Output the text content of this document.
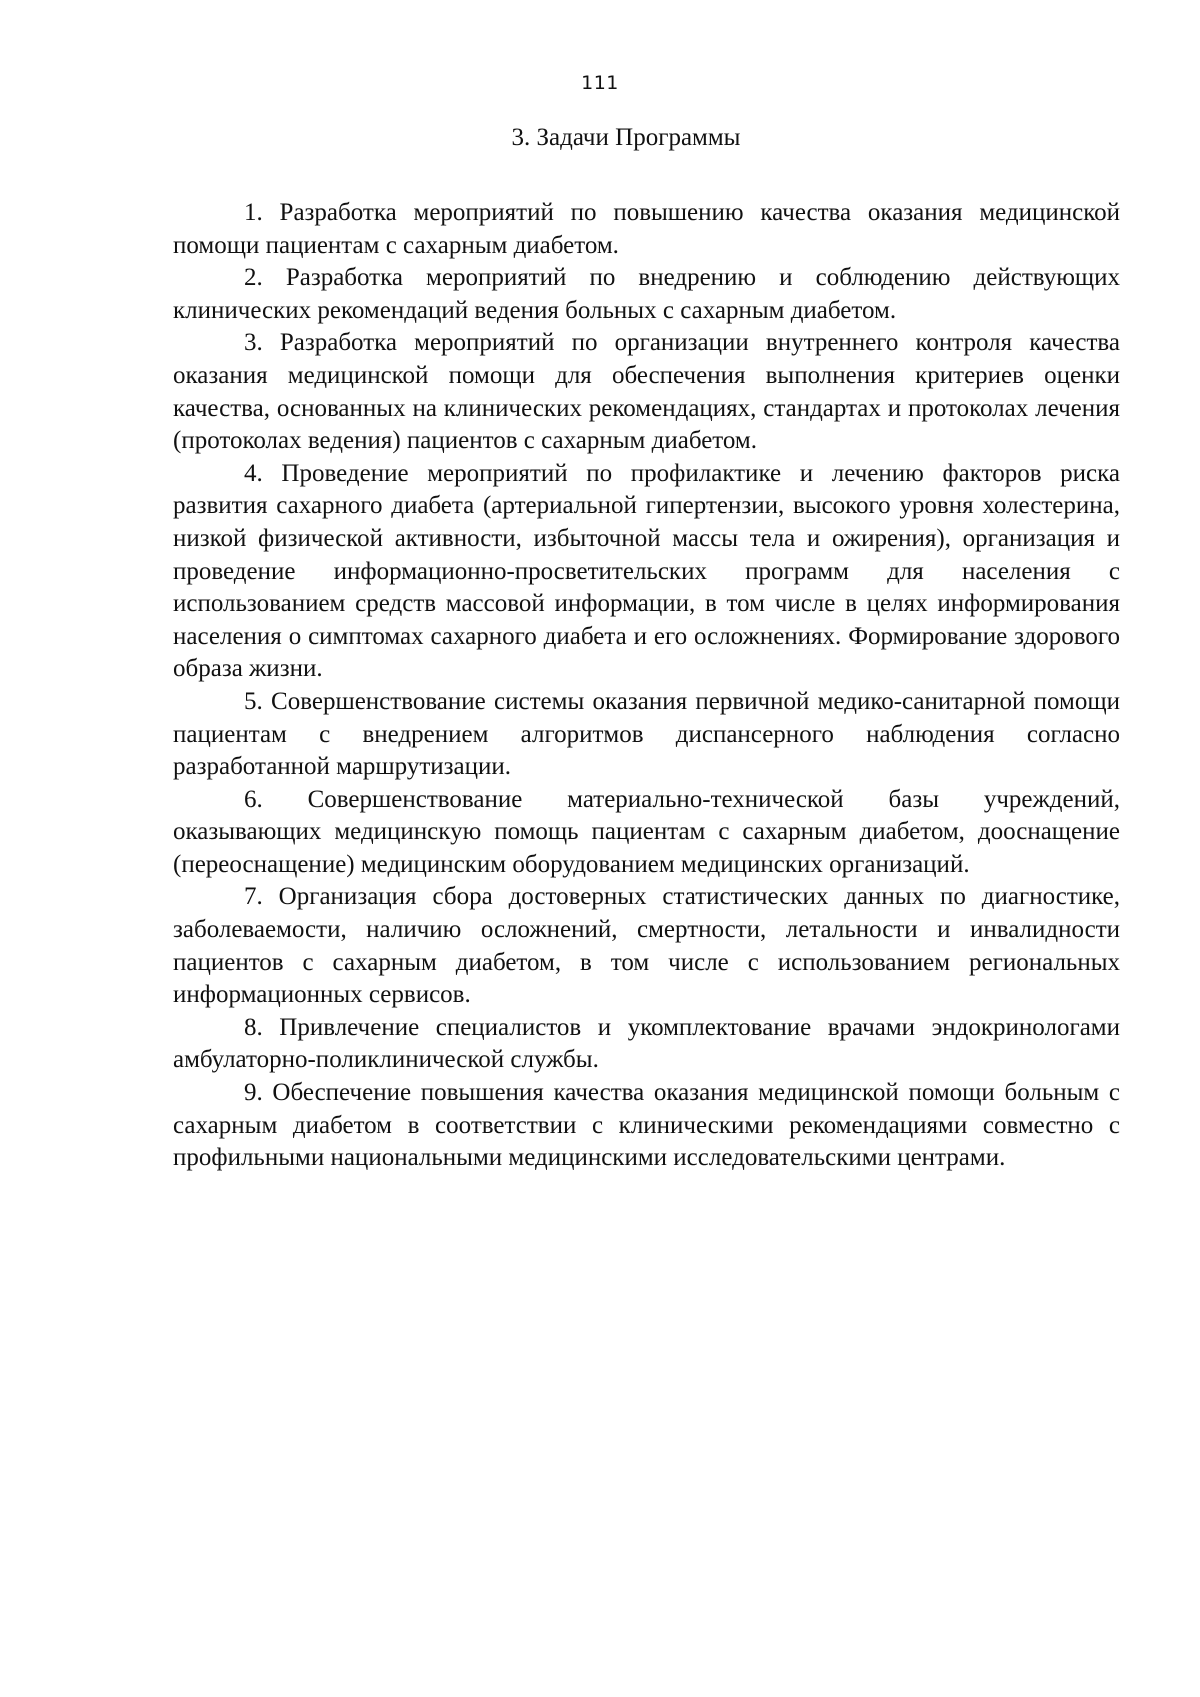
111
3. Задачи Программы

1. Разработка мероприятий по повышению качества оказания медицинской помощи пациентам с сахарным диабетом.

2. Разработка мероприятий по внедрению и соблюдению действующих клинических рекомендаций ведения больных с сахарным диабетом.

3. Разработка мероприятий по организации внутреннего контроля качества оказания медицинской помощи для обеспечения выполнения критериев оценки качества, основанных на клинических рекомендациях, стандартах и протоколах лечения (протоколах ведения) пациентов с сахарным диабетом.

4. Проведение мероприятий по профилактике и лечению факторов риска развития сахарного диабета (артериальной гипертензии, высокого уровня холестерина, низкой физической активности, избыточной массы тела и ожирения), организация и проведение информационно-просветительских программ для населения с использованием средств массовой информации, в том числе в целях информирования населения о симптомах сахарного диабета и его осложнениях. Формирование здорового образа жизни.

5. Совершенствование системы оказания первичной медико-санитарной помощи пациентам с внедрением алгоритмов диспансерного наблюдения согласно разработанной маршрутизации.

6. Совершенствование материально-технической базы учреждений, оказывающих медицинскую помощь пациентам с сахарным диабетом, дооснащение (переоснащение) медицинским оборудованием медицинских организаций.

7. Организация сбора достоверных статистических данных по диагностике, заболеваемости, наличию осложнений, смертности, летальности и инвалидности пациентов с сахарным диабетом, в том числе с использованием региональных информационных сервисов.

8. Привлечение специалистов и укомплектование врачами эндокринологами амбулаторно-поликлинической службы.

9. Обеспечение повышения качества оказания медицинской помощи больным с сахарным диабетом в соответствии с клиническими рекомендациями совместно с профильными национальными медицинскими исследовательскими центрами.
